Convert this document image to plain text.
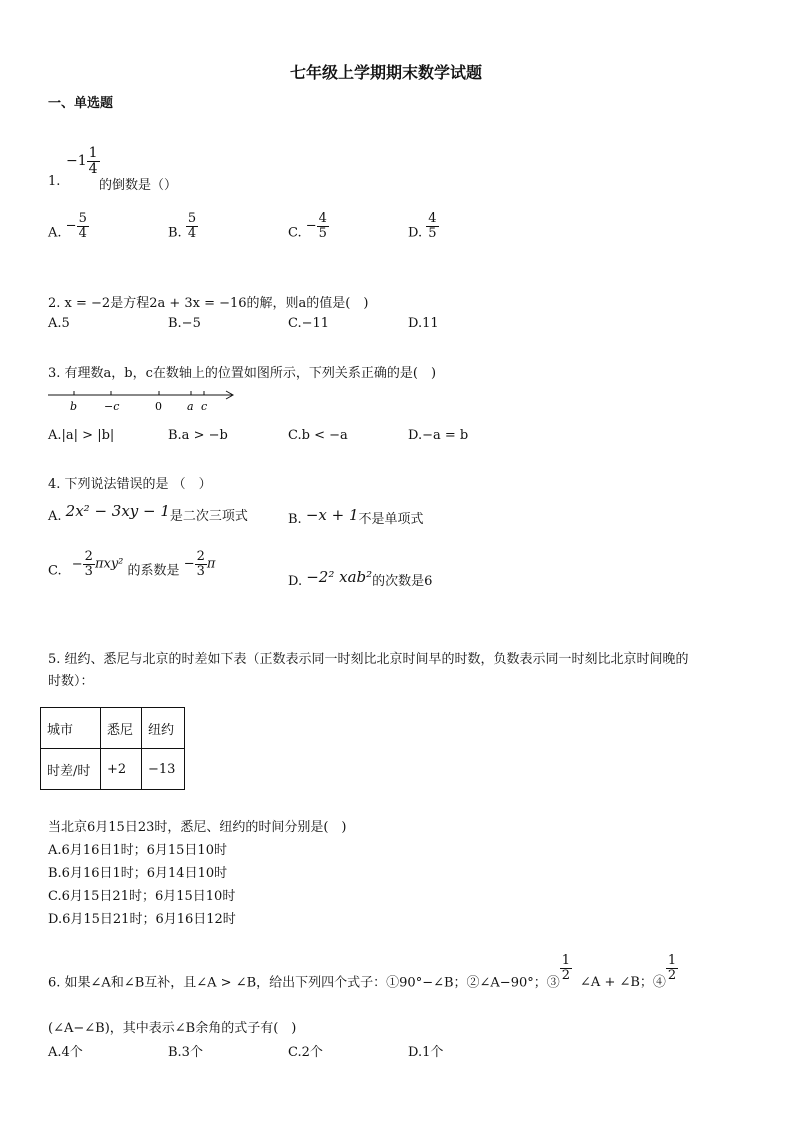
七年级上学期期末数学试题
一、单选题
1.
$-1 \frac{1}{4}$
的倒数是（）
A. − $\frac{5}{4}$	B. $\frac{5}{4}$	C. − $\frac{4}{5}$	D. $\frac{4}{5}$
2. x = −2是方程2a + 3x = −16的解，则a的值是(　)
A.5	B.−5	C.−11	D.11
3. 有理数a，b，c在数轴上的位置如图所示，下列关系正确的是(　)
b −c	0 a c
A.|a| > |b|	B.a > −b	C.b < −a	D.−a = b
4. 下列说法错误的是 （　）
A. 2x² − 3xy − 1是二次三项式	B. −x + 1不是单项式
C. − $\frac{2}{3} \pi xy^2$ 的系数是 − $\frac{2}{3}$ π
D. −2² xab²的次数是6
5. 纽约、悉尼与北京的时差如下表（正数表示同一时刻比北京时间早的时数，负数表示同一时刻比北京时间晚的
时数）：
城市	悉尼	纽约
时差/时	+2	−13
当北京6月15日23时，悉尼、纽约的时间分别是(　)
A.6月16日1时；6月15日10时
B.6月16日1时；6月14日10时
C.6月15日21时；6月15日10时
D.6月15日21时；6月16日12时
6. 如果∠A和∠B互补，且∠A > ∠B，给出下列四个式子：①90°−∠B；②∠A−90°；③
$\frac{1}{2}$
∠A + ∠B；④
$\frac{1}{2}$
(∠A−∠B)，其中表示∠B余角的式子有(　)
A.4个	B.3个	C.2个	D.1个
